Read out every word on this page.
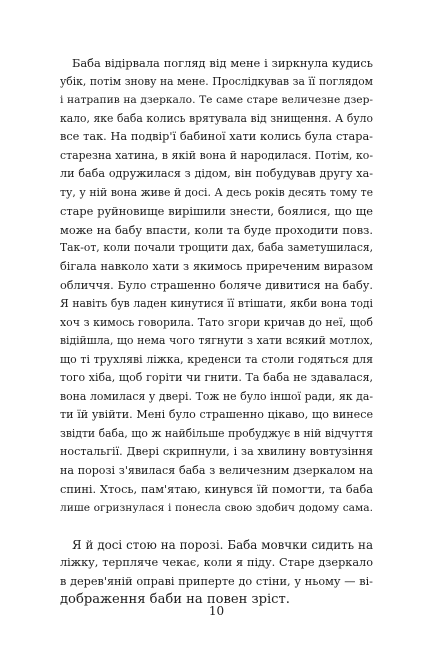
Баба відірвала погляд від мене і зиркнула кудись
убік, потім знову на мене. Прослідкував за її поглядом
і натрапив на дзеркало. Те саме старе величезне дзер-
кало, яке баба колись врятувала від знищення. А було
все так. На подвір'ї бабиної хати колись була стара-
старезна хатина, в якій вона й народилася. Потім, ко-
ли баба одружилася з дідом, він побудував другу ха-
ту, у ній вона живе й досі. А десь років десять тому те
старе руйновище вирішили знести, боялися, що ще
може на бабу впасти, коли та буде проходити повз.
Так-от, коли почали трощити дах, баба заметушилася,
бігала навколо хати з якимось приреченим виразом
обличчя. Було страшенно боляче дивитися на бабу.
Я навіть був ладен кинутися її втішати, якби вона тоді
хоч з кимось говорила. Тато згори кричав до неї, щоб
відійшла, що нема чого тягнути з хати всякий мотлох,
що ті трухляві ліжка, креденси та столи годяться для
того хіба, щоб горіти чи гнити. Та баба не здавалася,
вона ломилася у двері. Тож не було іншої ради, як да-
ти їй увійти. Мені було страшенно цікаво, що винесе
звідти баба, що ж найбільше пробуджує в ній відчуття
ностальгії. Двері скрипнули, і за хвилину вовтузіння
на порозі з'явилася баба з величезним дзеркалом на
спині. Хтось, пам'ятаю, кинувся їй помогти, та баба
лише огризнулася і понесла свою здобич додому сама.
Я й досі стою на порозі. Баба мовчки сидить на
ліжку, терпляче чекає, коли я піду. Старе дзеркало
в дерев'яній оправі приперте до стіни, у ньому — ві-
дображення баби на повен зріст.
10
